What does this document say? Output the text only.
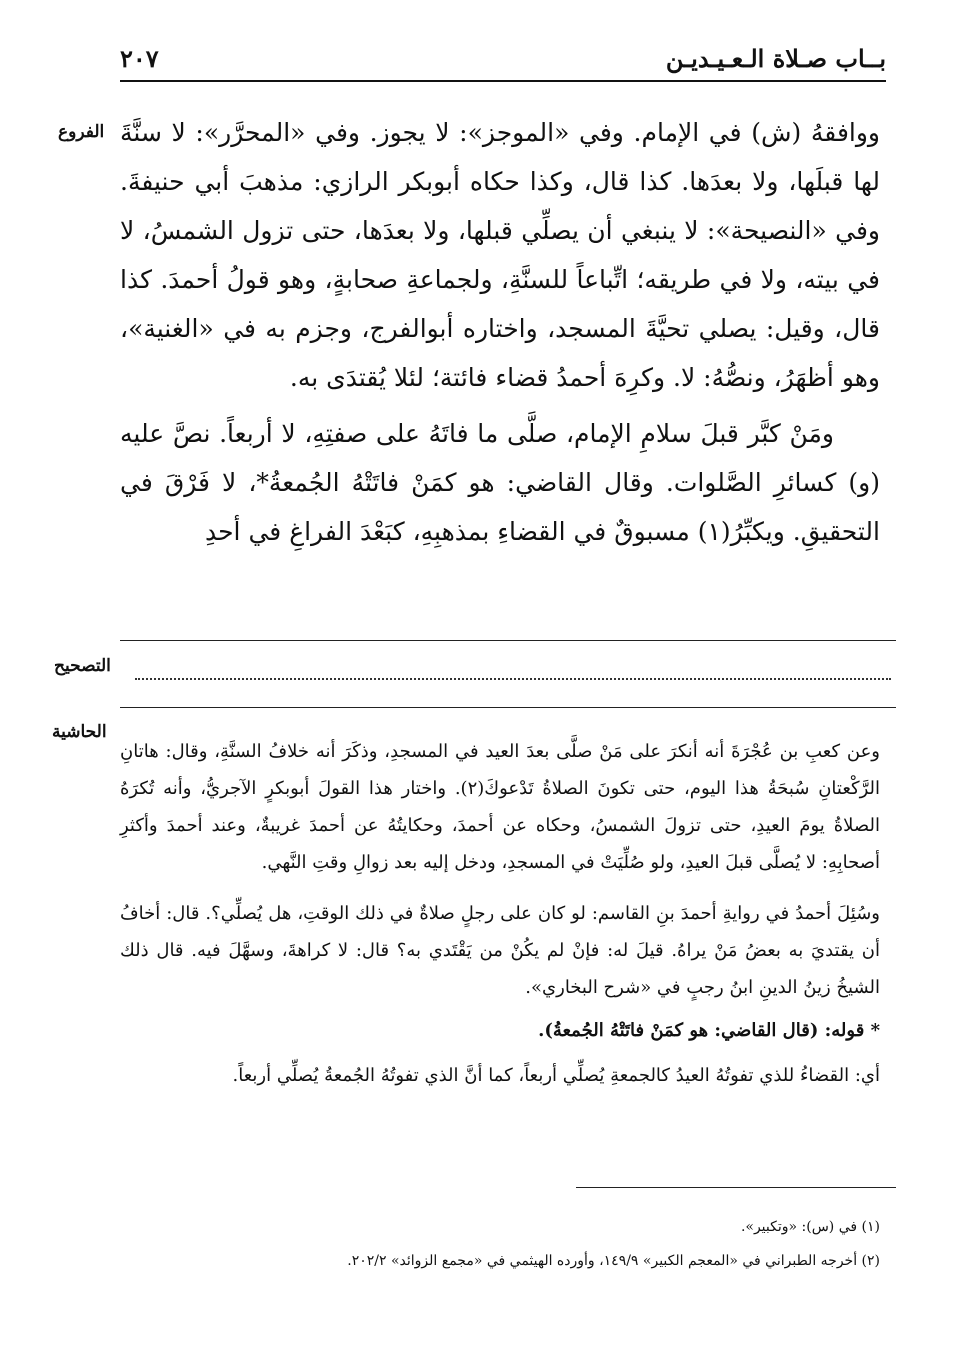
بــاب صـلاة الـعـيـديـن
٢٠٧
الفروع
التصحيح
الحاشية

ووافقهُ (ش) في الإمام. وفي «الموجز»: لا يجوز. وفي «المحرَّر»: لا سنَّةَ لها قبلَها، ولا بعدَها. كذا قال، وكذا حكاه أبوبكر الرازي: مذهبَ أبي حنيفةَ. وفي «النصيحة»: لا ينبغي أن يصلِّي قبلها، ولا بعدَها، حتى تزول الشمسُ، لا في بيته، ولا في طريقه؛ اتِّباعاً للسنَّةِ، ولجماعةِ صحابةٍ، وهو قولُ أحمدَ. كذا قال، وقيل: يصلي تحيَّةَ المسجد، واختاره أبوالفرج، وجزم به في «الغنية»، وهو أظهَرُ، ونصُّهُ: لا. وكرِهَ أحمدُ قضاء فائتة؛ لئلا يُقتدَى به.

ومَنْ كبَّر قبلَ سلامِ الإمام، صلَّى ما فاتَهُ على صفتِهِ، لا أربعاً. نصَّ عليه (و) كسائرِ الصَّلوات. وقال القاضي: هو كمَنْ فاتَتْهُ الجُمعةُ*، لا فَرْقَ في التحقيقِ. ويكبِّرُ(١) مسبوقٌ في القضاءِ بمذهبِهِ، كبَعْدَ الفراغِ في أحدِ

وعن كعبِ بن عُجْرَةَ أنه أنكرَ على مَنْ صلَّى بعدَ العيد في المسجدِ، وذكَرَ أنه خلافُ السنَّةِ، وقال: هاتانِ الرَّكْعتانِ سُبحَةُ هذا اليوم، حتى تكونَ الصلاةُ تَدْعوكَ(٢). واختار هذا القولَ أبوبكرٍ الآجريُّ، وأنه تُكرَهُ الصلاةُ يومَ العيدِ، حتى تزولَ الشمسُ، وحكاه عن أحمدَ، وحكايتُهُ عن أحمدَ غريبةٌ، وعند أحمدَ وأكثرِ أصحابِهِ: لا يُصلَّى قبلَ العيدِ، ولو صُلِّيَتْ في المسجدِ، ودخل إليه بعد زوالِ وقتِ النَّهي.

وسُئِلَ أحمدُ في روايةِ أحمدَ بنِ القاسم: لو كان على رجلٍ صلاةٌ في ذلك الوقتِ، هل يُصلِّي؟. قال: أخافُ أن يقتديَ به بعضُ مَنْ يراهُ. قيلَ له: فإنْ لم يكُنْ من يَقْتَدي به؟ قال: لا كراهةَ، وسهَّلَ فيه. قال ذلك الشيخُ زينُ الدينِ ابنُ رجبٍ في «شرح البخاري».

* قوله: (قال القاضي: هو كمَنْ فاتَتْهُ الجُمعةُ).

أي: القضاءُ للذي تفوتُهُ العيدُ كالجمعةِ يُصلِّي أربعاً، كما أنَّ الذي تفوتُهُ الجُمعةُ يُصلِّي أربعاً.

(١) في (س): «وتكبير».

(٢) أخرجه الطبراني في «المعجم الكبير» ١٤٩/٩، وأورده الهيثمي في «مجمع الزوائد» ٢٠٢/٢.
